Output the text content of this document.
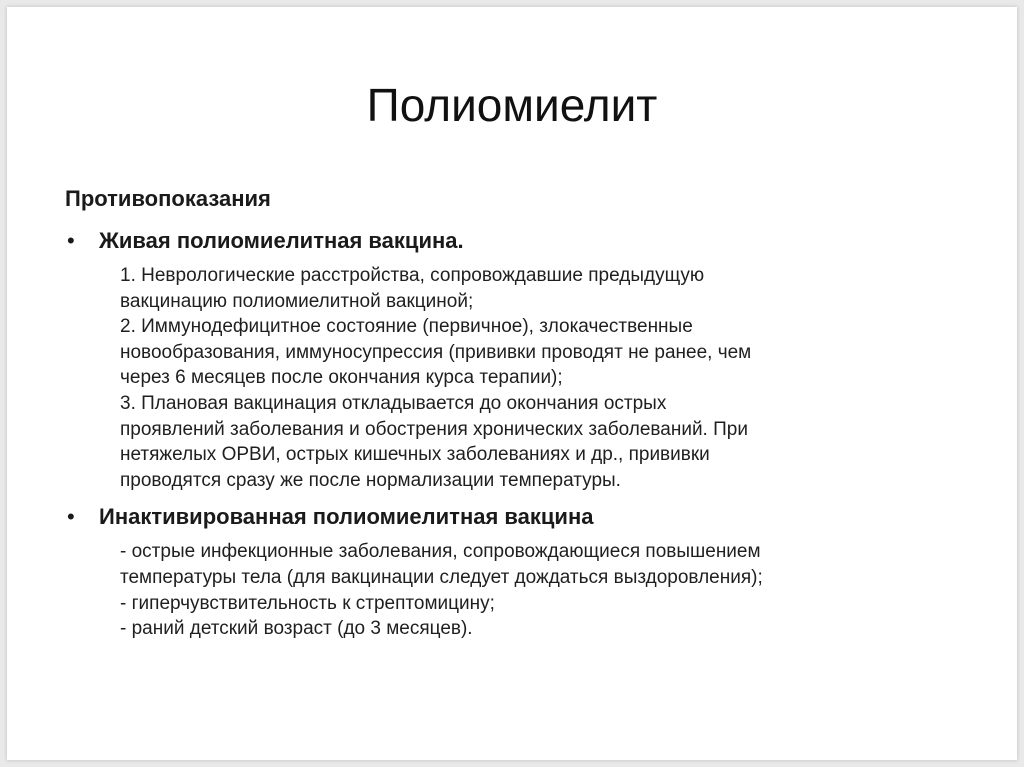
Полиомиелит
Противопоказания
• Живая полиомиелитная вакцина.
1. Неврологические расстройства, сопровождавшие предыдущую
вакцинацию полиомиелитной вакциной;
2. Иммунодефицитное состояние (первичное), злокачественные
новообразования, иммуносупрессия (прививки проводят не ранее, чем
через 6 месяцев после окончания курса терапии);
3. Плановая вакцинация откладывается до окончания острых
проявлений заболевания и обострения хронических заболеваний. При
нетяжелых ОРВИ, острых кишечных заболеваниях и др., прививки
проводятся сразу же после нормализации температуры.
• Инактивированная полиомиелитная вакцина
- острые инфекционные заболевания, сопровождающиеся повышением
температуры тела (для вакцинации следует дождаться выздоровления);
- гиперчувствительность к стрептомицину;
- раний детский возраст (до 3 месяцев).
